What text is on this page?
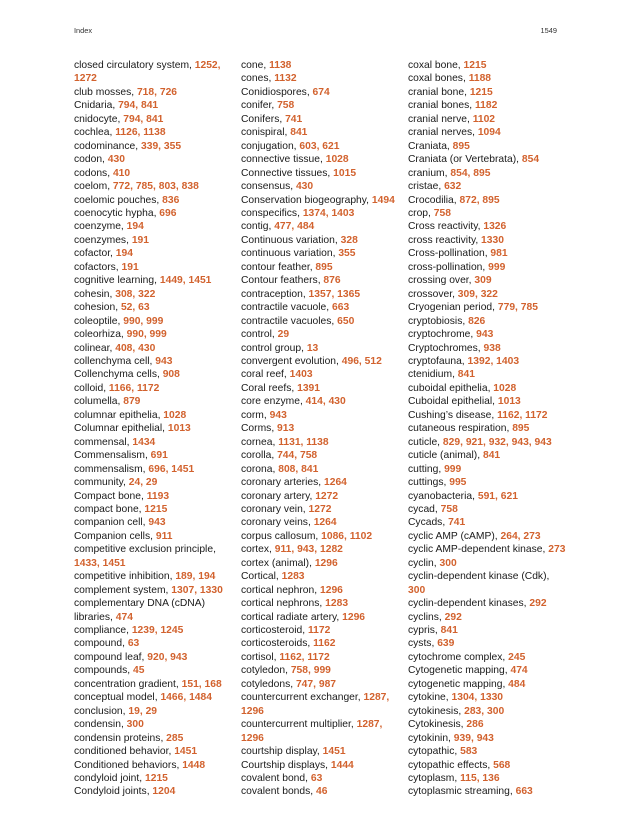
Index	1549
closed circulatory system, 1252, 1272
club mosses, 718, 726
Cnidaria, 794, 841
cnidocyte, 794, 841
cochlea, 1126, 1138
codominance, 339, 355
codon, 430
codons, 410
coelom, 772, 785, 803, 838
coelomic pouches, 836
coenocytic hypha, 696
coenzyme, 194
coenzymes, 191
cofactor, 194
cofactors, 191
cognitive learning, 1449, 1451
cohesin, 308, 322
cohesion, 52, 63
coleoptile, 990, 999
coleorhiza, 990, 999
colinear, 408, 430
collenchyma cell, 943
Collenchyma cells, 908
colloid, 1166, 1172
columella, 879
columnar epithelia, 1028
Columnar epithelial, 1013
commensal, 1434
Commensalism, 691
commensalism, 696, 1451
community, 24, 29
Compact bone, 1193
compact bone, 1215
companion cell, 943
Companion cells, 911
competitive exclusion principle, 1433, 1451
competitive inhibition, 189, 194
complement system, 1307, 1330
complementary DNA (cDNA) libraries, 474
compliance, 1239, 1245
compound, 63
compound leaf, 920, 943
compounds, 45
concentration gradient, 151, 168
conceptual model, 1466, 1484
conclusion, 19, 29
condensin, 300
condensin proteins, 285
conditioned behavior, 1451
Conditioned behaviors, 1448
condyloid joint, 1215
Condyloid joints, 1204
cone, 1138
cones, 1132
Conidiospores, 674
conifer, 758
Conifers, 741
conispiral, 841
conjugation, 603, 621
connective tissue, 1028
Connective tissues, 1015
consensus, 430
Conservation biogeography, 1494
conspecifics, 1374, 1403
contig, 477, 484
Continuous variation, 328
continuous variation, 355
contour feather, 895
Contour feathers, 876
contraception, 1357, 1365
contractile vacuole, 663
contractile vacuoles, 650
control, 29
control group, 13
convergent evolution, 496, 512
coral reef, 1403
Coral reefs, 1391
core enzyme, 414, 430
corm, 943
Corms, 913
cornea, 1131, 1138
corolla, 744, 758
corona, 808, 841
coronary arteries, 1264
coronary artery, 1272
coronary vein, 1272
coronary veins, 1264
corpus callosum, 1086, 1102
cortex, 911, 943, 1282
cortex (animal), 1296
Cortical, 1283
cortical nephron, 1296
cortical nephrons, 1283
cortical radiate artery, 1296
corticosteroid, 1172
corticosteroids, 1162
cortisol, 1162, 1172
cotyledon, 758, 999
cotyledons, 747, 987
countercurrent exchanger, 1287, 1296
countercurrent multiplier, 1287, 1296
courtship display, 1451
Courtship displays, 1444
covalent bond, 63
covalent bonds, 46
coxal bone, 1215
coxal bones, 1188
cranial bone, 1215
cranial bones, 1182
cranial nerve, 1102
cranial nerves, 1094
Craniata, 895
Craniata (or Vertebrata), 854
cranium, 854, 895
cristae, 632
Crocodilia, 872, 895
crop, 758
Cross reactivity, 1326
cross reactivity, 1330
Cross-pollination, 981
cross-pollination, 999
crossing over, 309
crossover, 309, 322
Cryogenian period, 779, 785
cryptobiosis, 826
cryptochrome, 943
Cryptochromes, 938
cryptofauna, 1392, 1403
ctenidium, 841
cuboidal epithelia, 1028
Cuboidal epithelial, 1013
Cushing’s disease, 1162, 1172
cutaneous respiration, 895
cuticle, 829, 921, 932, 943, 943
cuticle (animal), 841
cutting, 999
cuttings, 995
cyanobacteria, 591, 621
cycad, 758
Cycads, 741
cyclic AMP (cAMP), 264, 273
cyclic AMP-dependent kinase, 273
cyclin, 300
cyclin-dependent kinase (Cdk), 300
cyclin-dependent kinases, 292
cyclins, 292
cypris, 841
cysts, 639
cytochrome complex, 245
Cytogenetic mapping, 474
cytogenetic mapping, 484
cytokine, 1304, 1330
cytokinesis, 283, 300
Cytokinesis, 286
cytokinin, 939, 943
cytopathic, 583
cytopathic effects, 568
cytoplasm, 115, 136
cytoplasmic streaming, 663
